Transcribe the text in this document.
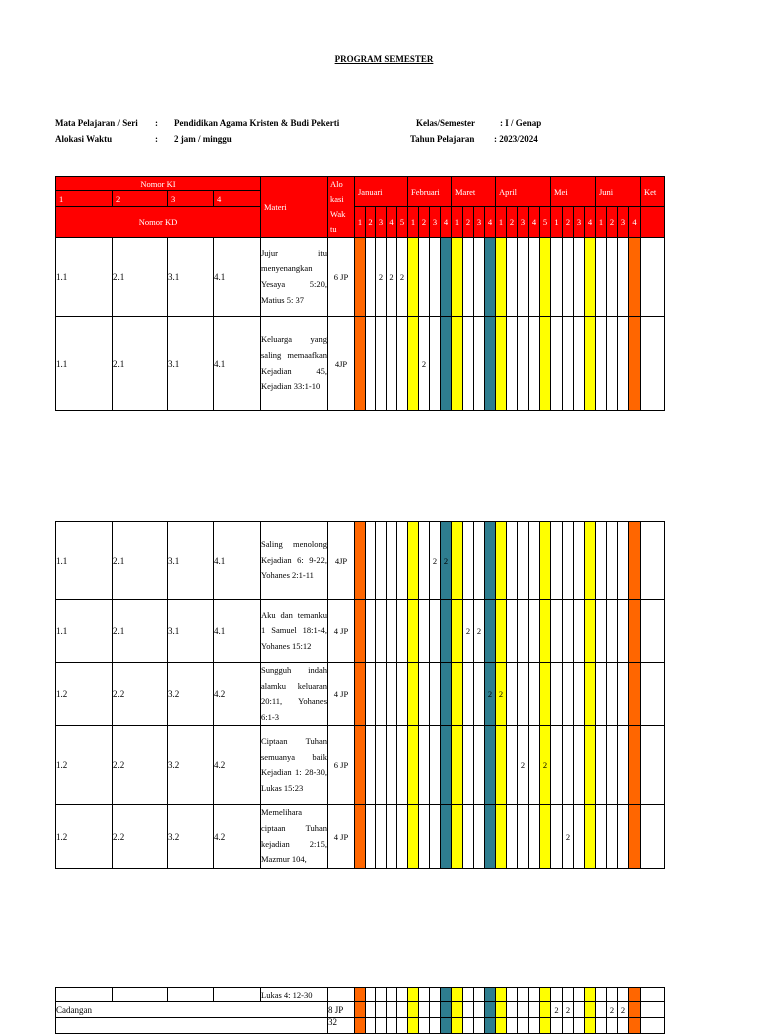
PROGRAM SEMESTER
Mata Pelajaran / Seri : Pendidikan Agama Kristen & Budi Pekerti
Alokasi Waktu	: 2 jam / minggu
Kelas/Semester	: I / Genap
Tahun Pelajaran : 2023/2024
Nomor KI				Materi	Alo kasi Wak tu	Januari					Februari				Maret				April					Mei				Juni				Ket
1	2	3	4																													
Nomor KD						1	2	3	4	5	1	2	3	4	1	2	3	4	1	2	3	4	5	1	2	3	4	1	2	3	4	
1.1	2.1	3.1	4.1	Jujur itu menyenangkan Yesaya 5:20, Matius 5: 37	6 JP			2	2	2																						
1.1	2.1	3.1	4.1	Keluarga yang saling memaafkan Kejadian 45, Kejadian 33:1-10	4JP							2																				
1.1	2.1	3.1	4.1	Saling menolong Kejadian 6: 9-22, Yohanes 2:1-11	4JP								2	2																		
1.1	2.1	3.1	4.1	Aku dan temanku 1 Samuel 18:1-4, Yohanes 15:12	4 JP											2	2															
1.2	2.2	3.2	4.2	Sungguh indah alamku keluaran 20:11, Yohanes 6:1-3	4 JP													2	2													
1.2	2.2	3.2	4.2	Ciptaan Tuhan semuanya baik Kejadian 1: 28-30, Lukas 15:23	6 JP																2		2									
1.2	2.2	3.2	4.2	Memelihara ciptaan Tuhan kejadian 2:15, Mazmur 104,	4 JP																				2							
				Lukas 4: 12-30																												
Cadangan					8 JP																			2	2				2	2		
					32																											
